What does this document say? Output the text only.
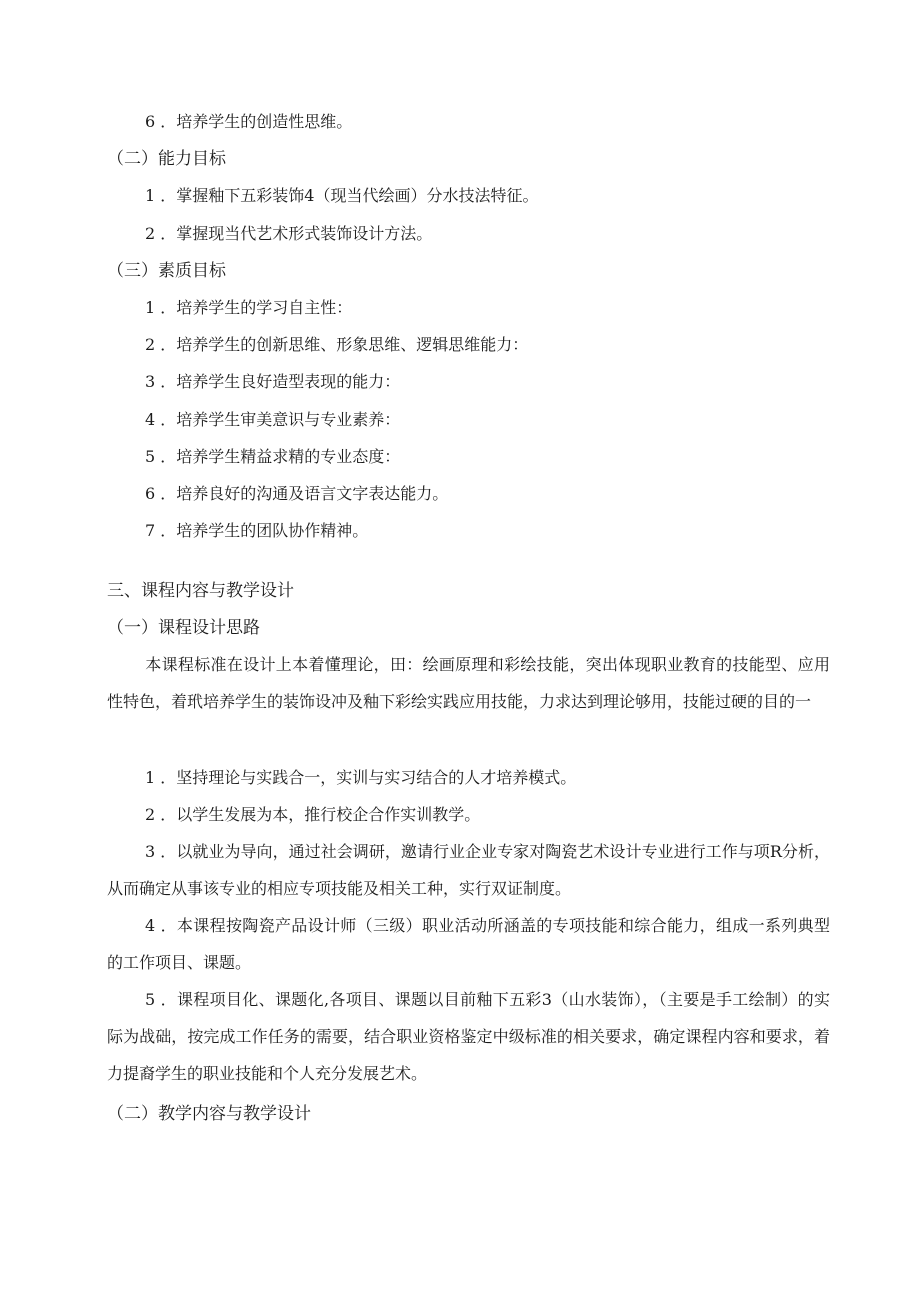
6 ．培养学生的创造性思维。
（二）能力目标
1 ．掌握釉下五彩装饰4（现当代绘画）分水技法特征。
2 ．掌握现当代艺术形式装饰设计方法。
（三）素质目标
1 ．培养学生的学习自主性：
2 ．培养学生的创新思维、形象思维、逻辑思维能力：
3 ．培养学生良好造型表现的能力：
4 ．培养学生审美意识与专业素养：
5 ．培养学生精益求精的专业态度：
6 ．培养良好的沟通及语言文字表达能力。
7 ．培养学生的团队协作精神。
三、课程内容与教学设计
（一）课程设计思路
本课程标准在设计上本着懂理论，田：绘画原理和彩绘技能，突出体现职业教育的技能型、应用性特色，着玳培养学生的装饰设冲及釉下彩绘实践应用技能，力求达到理论够用，技能过硬的目的一
1 ．坚持理论与实践合一，实训与实习结合的人才培养模式。
2 ．以学生发展为本，推行校企合作实训教学。
3 ．以就业为导向，通过社会调研，邀请行业企业专家对陶瓷艺术设计专业进行工作与项R分析，从而确定从事该专业的相应专项技能及相关工种，实行双证制度。
4 ．本课程按陶瓷产品设计师（三级）职业活动所涵盖的专项技能和综合能力，组成一系列典型的工作项目、课题。
5 ．课程项目化、课题化,各项目、课题以目前釉下五彩3（山水装饰），（主要是手工绘制）的实际为战础，按完成工作任务的需要，结合职业资格鉴定中级标准的相关要求，确定课程内容和要求，着力提裔学生的职业技能和个人充分发展艺术。
（二）教学内容与教学设计
